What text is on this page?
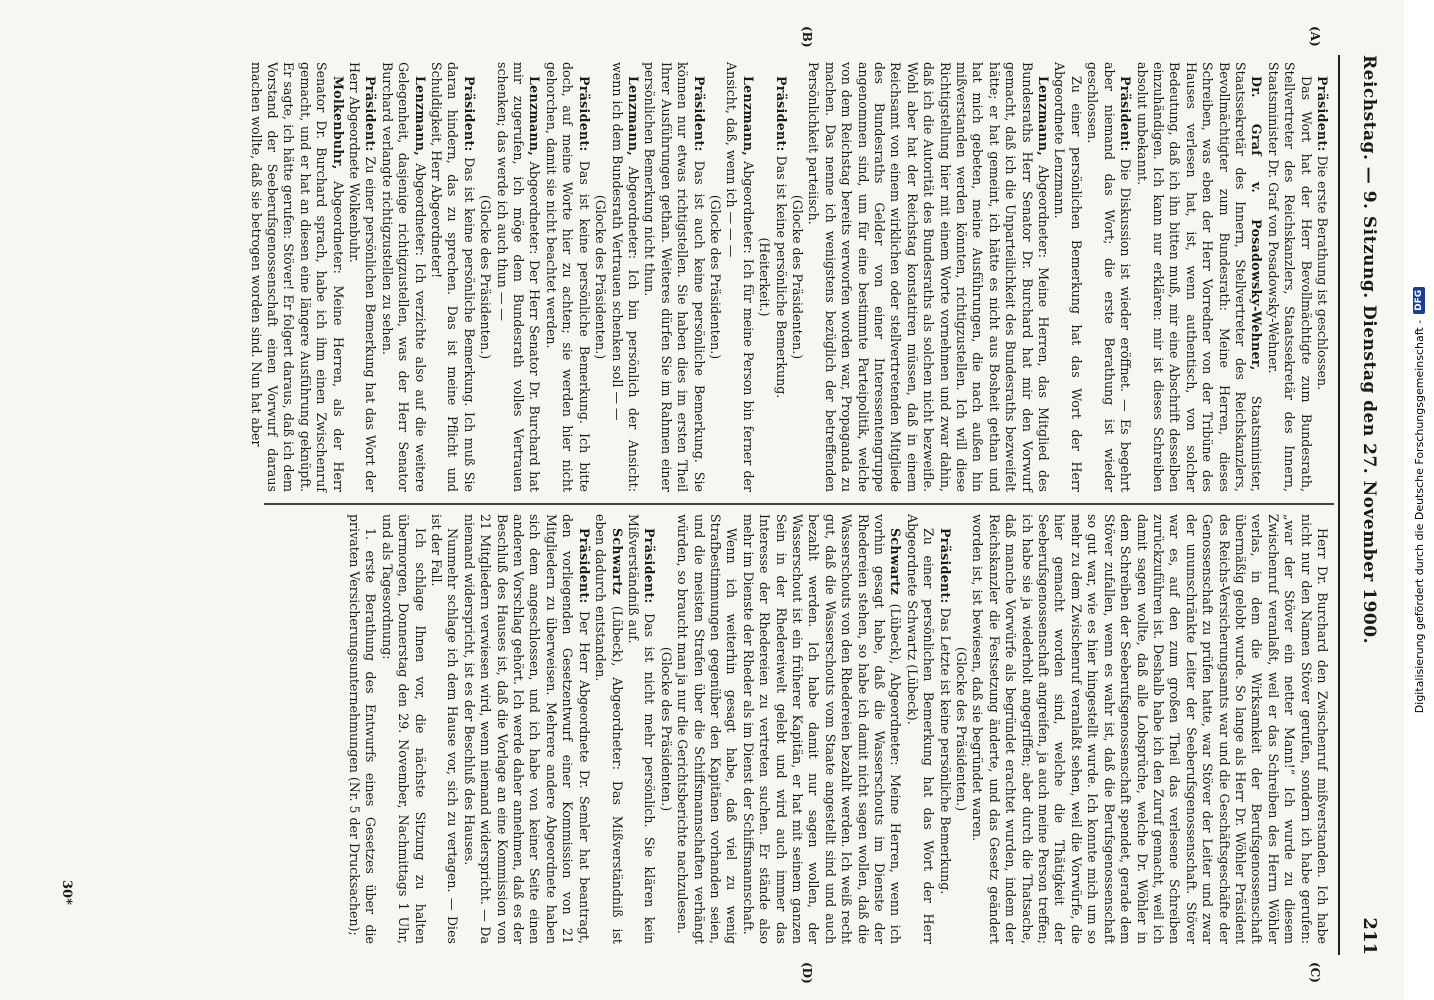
Reichstag. — 9. Sitzung. Dienstag den 27. November 1900.
211
(A)
(B)
(C)
(D)

Präsident: Die erste Berathung ist geschlossen.

Das Wort hat der Herr Bevollmächtigte zum Bundesrath, Stellvertreter des Reichskanzlers, Staatssekretär des Innern, Staatsminister Dr. Graf von Posadowsky-Wehner.

Dr. Graf v. Posadowsky-Wehner, Staatsminister, Staatssekretär des Innern, Stellvertreter des Reichskanzlers, Bevollmächtigter zum Bundesrath: Meine Herren, dieses Schreiben, was eben der Herr Vorredner von der Tribüne des Hauses verlesen hat, ist, wenn authentisch, von solcher Bedeutung, daß ich ihn bitten muß, mir eine Abschrift desselben einzuhändigen. Ich kann nur erklären: mir ist dieses Schreiben absolut unbekannt.

Präsident: Die Diskussion ist wieder eröffnet. — Es begehrt aber niemand das Wort; die erste Berathung ist wieder geschlossen.

Zu einer persönlichen Bemerkung hat das Wort der Herr Abgeordnete Lenzmann.

Lenzmann, Abgeordneter: Meine Herren, das Mitglied des Bundesraths Herr Senator Dr. Burchard hat mir den Vorwurf gemacht, daß ich die Unparteilichkeit des Bundesraths bezweifelt hätte; er hat gemeint, ich hätte es nicht aus Bosheit gethan und hat mich gebeten, meine Ausführungen, die nach außen hin mißverstanden werden könnten, richtigzustellen. Ich will diese Richtigstellung hier mit einem Worte vornehmen und zwar dahin, daß ich die Autorität des Bundesraths als solchen nicht bezweifle. Wohl aber hat der Reichstag konstatiren müssen, daß in einem Reichsamt von einem wirklichen oder stellvertretenden Mitgliede des Bundesraths Gelder von einer Interessentengruppe angenommen sind, um für eine bestimmte Parteipolitik, welche von dem Reichstag bereits verworfen worden war, Propaganda zu machen. Das nenne ich wenigstens bezüglich der betreffenden Persönlichkeit parteiisch.

(Glocke des Präsidenten.)

Präsident: Das ist keine persönliche Bemerkung.

(Heiterkeit.)

Lenzmann, Abgeordneter: Ich für meine Person bin ferner der Ansicht, daß, wenn ich — — —

(Glocke des Präsidenten.)

Präsident: Das ist auch keine persönliche Bemerkung. Sie können nur etwas richtigstellen. Sie haben dies im ersten Theil Ihrer Ausführungen gethan. Weiteres dürfen Sie im Rahmen einer persönlichen Bemerkung nicht thun.

Lenzmann, Abgeordneter: Ich bin persönlich der Ansicht: wenn ich dem Bundesrath Vertrauen schenken soll — —

(Glocke des Präsidenten.)

Präsident: Das ist keine persönliche Bemerkung. Ich bitte doch, auf meine Worte hier zu achten; sie werden hier nicht gehorchen, damit sie nicht beachtet werden.

Lenzmann, Abgeordneter: Der Herr Senator Dr. Burchard hat mir zugerufen, ich möge dem Bundesrath volles Vertrauen schenken; das werde ich auch thun — —

(Glocke des Präsidenten.)

Präsident: Das ist keine persönliche Bemerkung. Ich muß Sie daran hindern, das zu sprechen. Das ist meine Pflicht und Schuldigkeit, Herr Abgeordneter!

Lenzmann, Abgeordneter: Ich verzichte also auf die weitere Gelegenheit, dasjenige richtigzustellen, was der Herr Senator Burchard verlangte richtigzustellen zu sehen.

Präsident: Zu einer persönlichen Bemerkung hat das Wort der Herr Abgeordnete Wolkenbuhr.

Molkenbuhr, Abgeordneter: Meine Herren, als der Herr Senator Dr. Burchard sprach, habe ich ihm einen Zwischenruf gemacht, und er hat an diesen eine längere Ausführung geknüpft. Er sagte, ich hätte gerufen: Stöver! Er folgert daraus, daß ich dem Vorstand der Seeberufsgenossenschaft einen Vorwurf daraus machen wollte, daß sie betrogen worden sind. Nun hat aber

Herr Dr. Burchard den Zwischenruf mißverstanden. Ich habe nicht nur den Namen Stöver gerufen, sondern ich habe gerufen: „war der Stöver ein netter Mann!“ Ich wurde zu diesem Zwischenruf veranlaßt, weil er das Schreiben des Herrn Wöhler verlas, in dem die Wirksamkeit der Berufsgenossenschaft übermäßig gelobt wurde. So lange als Herr Dr. Wöhler Präsident des Reichs-Versicherungsamts war und die Geschäftsgeschäfte der Genossenschaft zu prüfen hatte, war Stöver der Leiter und zwar der unumschränkte Leiter der Seeberufsgenossenschaft. Stöver war es, auf den zum großen Theil das verlesene Schreiben zurückzuführen ist. Deshalb habe ich den Zuruf gemacht, weil ich damit sagen wollte, daß alle Lobsprüche, welche Dr. Wöhler in dem Schreiben der Seeberufsgenossenschaft spendet, gerade dem Stöver zufallen, wenn es wahr ist, daß die Berufsgenossenschaft so gut war, wie es hier hingestellt wurde. Ich konnte mich um so mehr zu dem Zwischenruf veranlaßt sehen, weil die Vorwürfe, die hier gemacht worden sind, welche die Thätigkeit der Seeberufsgenossenschaft angreifen, ja auch meine Person treffen; ich habe sie ja wiederholt angegriffen; aber durch die Thatsache, daß manche Vorwürfe als begründet erachtet wurden, indem der Reichskanzler die Festsetzung änderte, und das Gesetz geändert worden ist, ist bewiesen, daß sie begründet waren.

(Glocke des Präsidenten.)

Präsident: Das Letzte ist keine persönliche Bemerkung.

Zu einer persönlichen Bemerkung hat das Wort der Herr Abgeordnete Schwartz (Lübeck).

Schwartz (Lübeck), Abgeordneter: Meine Herren, wenn ich vorhin gesagt habe, daß die Wasserschouts im Dienste der Rhedereien stehen, so habe ich damit nicht sagen wollen, daß die Wasserschouts von den Rhedereien bezahlt werden. Ich weiß recht gut, daß die Wasserschouts vom Staate angestellt sind und auch bezahlt werden. Ich habe damit nur sagen wollen, der Wasserschout ist ein früherer Kapitän, er hat mit seinem ganzen Sein in der Rhedereiwelt gelebt und wird auch immer das Interesse der Rhedereien zu vertreten suchen. Er stände also mehr im Dienste der Rheder als im Dienst der Schiffsmannschaft.

Wenn ich weiterhin gesagt habe, daß viel zu wenig Strafbestimmungen gegenüber den Kapitänen vorhanden seien, und die meisten Strafen über die Schiffsmannschaften verhängt würden, so braucht man ja nur die Gerichtsberichte nachzulesen.

(Glocke des Präsidenten.)

Präsident: Das ist nicht mehr persönlich. Sie klären kein Mißverständniß auf.

Schwartz (Lübeck), Abgeordneter: Das Mißverständniß ist eben dadurch entstanden.

Präsident: Der Herr Abgeordnete Dr. Semler hat beantragt, den vorliegenden Gesetzentwurf einer Kommission von 21 Mitgliedern zu überweisen. Mehrere andere Abgeordnete haben sich dem angeschlossen, und ich habe von keiner Seite einen anderen Vorschlag gehört. Ich werde daher annehmen, daß es der Beschluß des Hauses ist, daß die Vorlage an eine Kommission von 21 Mitgliedern verwiesen wird, wenn niemand widerspricht. — Da niemand widerspricht, ist es der Beschluß des Hauses.

Nunmehr schlage ich dem Hause vor, sich zu vertagen. — Dies ist der Fall.

Ich schlage Ihnen vor, die nächste Sitzung zu halten übermorgen, Donnerstag den 29. November, Nachmittags 1 Uhr, und als Tagesordnung:

1. erste Berathung des Entwurfs eines Gesetzes über die privaten Versicherungsunternehmungen (Nr. 5 der Drucksachen);

30*
Digitalisierung gefördert durch die Deutsche Forschungsgemeinschaft -
DFG
